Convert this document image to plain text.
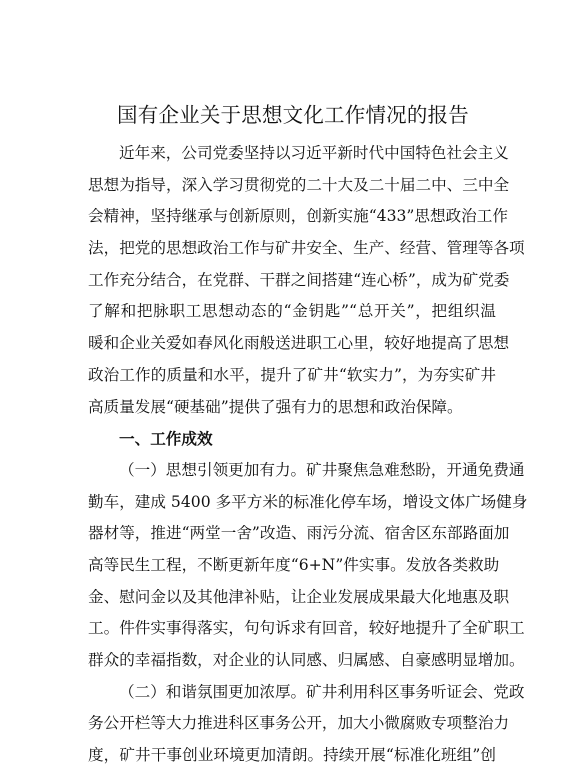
国有企业关于思想文化工作情况的报告
近年来，公司党委坚持以习近平新时代中国特色社会主义
思想为指导，深入学习贯彻党的二十大及二十届二中、三中全
会精神，坚持继承与创新原则，创新实施“433”思想政治工作
法，把党的思想政治工作与矿井安全、生产、经营、管理等各项
工作充分结合，在党群、干群之间搭建“连心桥”，成为矿党委
了解和把脉职工思想动态的“金钥匙”“总开关”，把组织温
暖和企业关爱如春风化雨般送进职工心里，较好地提高了思想
政治工作的质量和水平，提升了矿井“软实力”，为夯实矿井
高质量发展“硬基础”提供了强有力的思想和政治保障。
一、工作成效
（一）思想引领更加有力。矿井聚焦急难愁盼，开通免费通
勤车，建成 5400 多平方米的标准化停车场，增设文体广场健身
器材等，推进“两堂一舍”改造、雨污分流、宿舍区东部路面加
高等民生工程，不断更新年度“6+N”件实事。发放各类救助
金、慰问金以及其他津补贴，让企业发展成果最大化地惠及职
工。件件实事得落实，句句诉求有回音，较好地提升了全矿职工
群众的幸福指数，对企业的认同感、归属感、自豪感明显增加。
（二）和谐氛围更加浓厚。矿井利用科区事务听证会、党政
务公开栏等大力推进科区事务公开，加大小微腐败专项整治力
度，矿井干事创业环境更加清朗。持续开展“标准化班组”创
